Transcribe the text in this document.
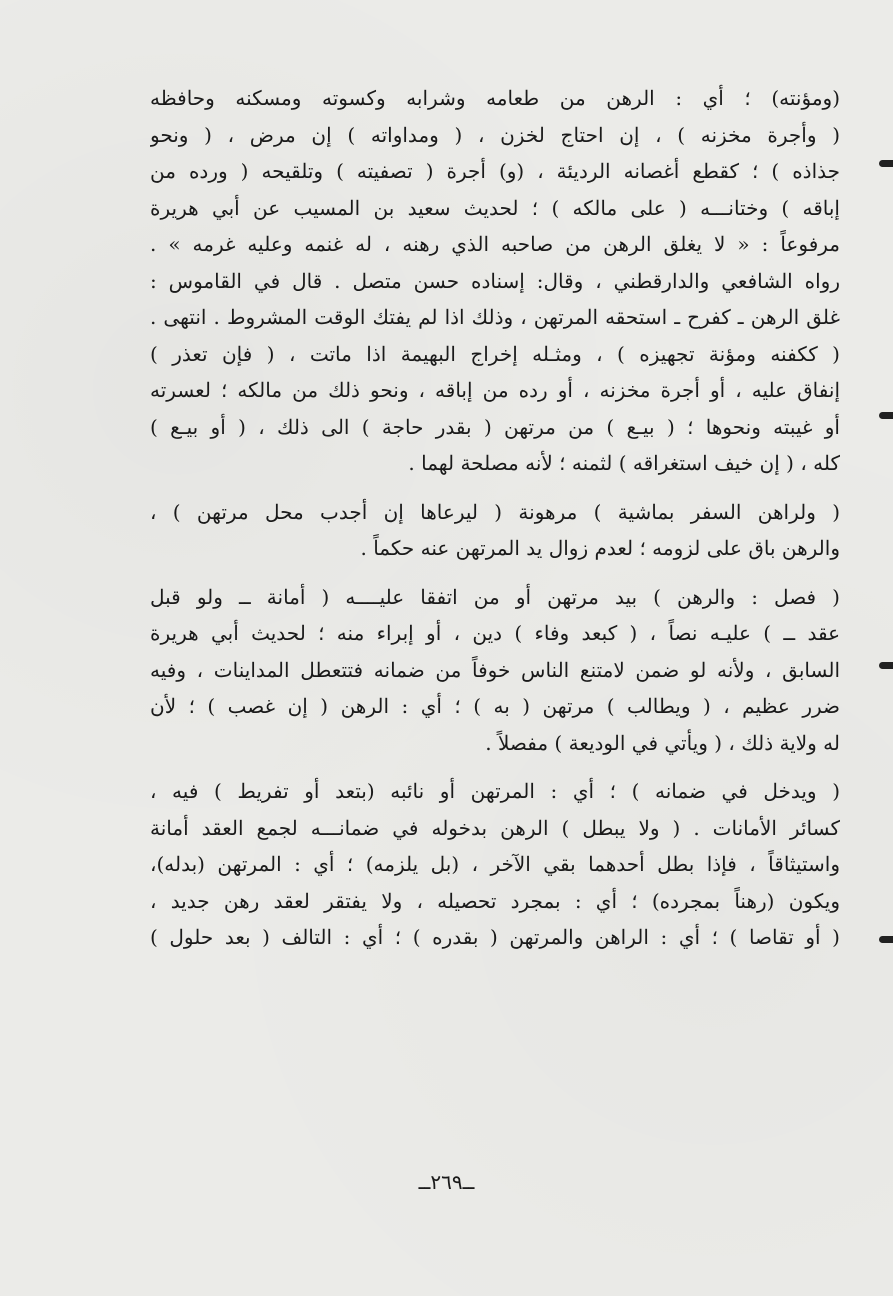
(ومؤنته) ؛ أي : الرهن من طعامه وشرابه وكسوته ومسكنه وحافظه
( وأجرة مخزنه ) ، إن احتاج لخزن ، ( ومداواته ) إن مرض ، ( ونحو
جذاذه ) ؛ كقطع أغصانه الرديئة ، (و) أجرة ( تصفيته ) وتلقيحه ( ورده من
إباقه ) وختانـــه ( على مالكه ) ؛ لحديث سعيد بن المسيب عن أبي هريرة
مرفوعاً : « لا يغلق الرهن من صاحبه الذي رهنه ، له غنمه وعليه غرمه » .
رواه الشافعي والدارقطني ، وقال: إسناده حسن متصل . قال في القاموس :
غلق الرهن ـ كفرح ـ استحقه المرتهن ، وذلك اذا لم يفتك الوقت المشروط . انتهى .
( ككفنه ومؤنة تجهيزه ) ، ومثـله إخراج البهيمة اذا ماتت ، ( فإن تعذر )
إنفاق عليه ، أو أجرة مخزنه ، أو رده من إباقه ، ونحو ذلك من مالكه ؛ لعسرته
أو غيبته ونحوها ؛ ( بيـع ) من مرتهن ( بقدر حاجة ) الى ذلك ، ( أو بيـع )
كله ، ( إن خيف استغراقه ) لثمنه ؛ لأنه مصلحة لهما .
( ولراهن السفر بماشية ) مرهونة ( ليرعاها إن أجدب محل مرتهن ) ،
والرهن باق على لزومه ؛ لعدم زوال يد المرتهن عنه حكماً .
( فصل : والرهن ) بيد مرتهن أو من اتفقا عليــــه ( أمانة ــ ولو قبل
عقد ــ ) عليـه نصاً ، ( كبعد وفاء ) دين ، أو إبراء منه ؛ لحديث أبي هريرة
السابق ، ولأنه لو ضمن لامتنع الناس خوفاً من ضمانه فتتعطل المداينات ، وفيه
ضرر عظيم ، ( ويطالب ) مرتهن ( به ) ؛ أي : الرهن ( إن غصب ) ؛ لأن
له ولاية ذلك ، ( ويأتي في الوديعة ) مفصلاً .
( ويدخل في ضمانه ) ؛ أي : المرتهن أو نائبه (بتعد أو تفريط ) فيه ،
كسائر الأمانات . ( ولا يبطل ) الرهن بدخوله في ضمانـــه لجمع العقد أمانة
واستيثاقاً ، فإذا بطل أحدهما بقي الآخر ، (بل يلزمه) ؛ أي : المرتهن (بدله)،
ويكون (رهناً بمجرده) ؛ أي : بمجرد تحصيله ، ولا يفتقر لعقد رهن جديد ،
( أو تقاصا ) ؛ أي : الراهن والمرتهن ( بقدره ) ؛ أي : التالف ( بعد حلول )
ــ٢٦٩ــ
